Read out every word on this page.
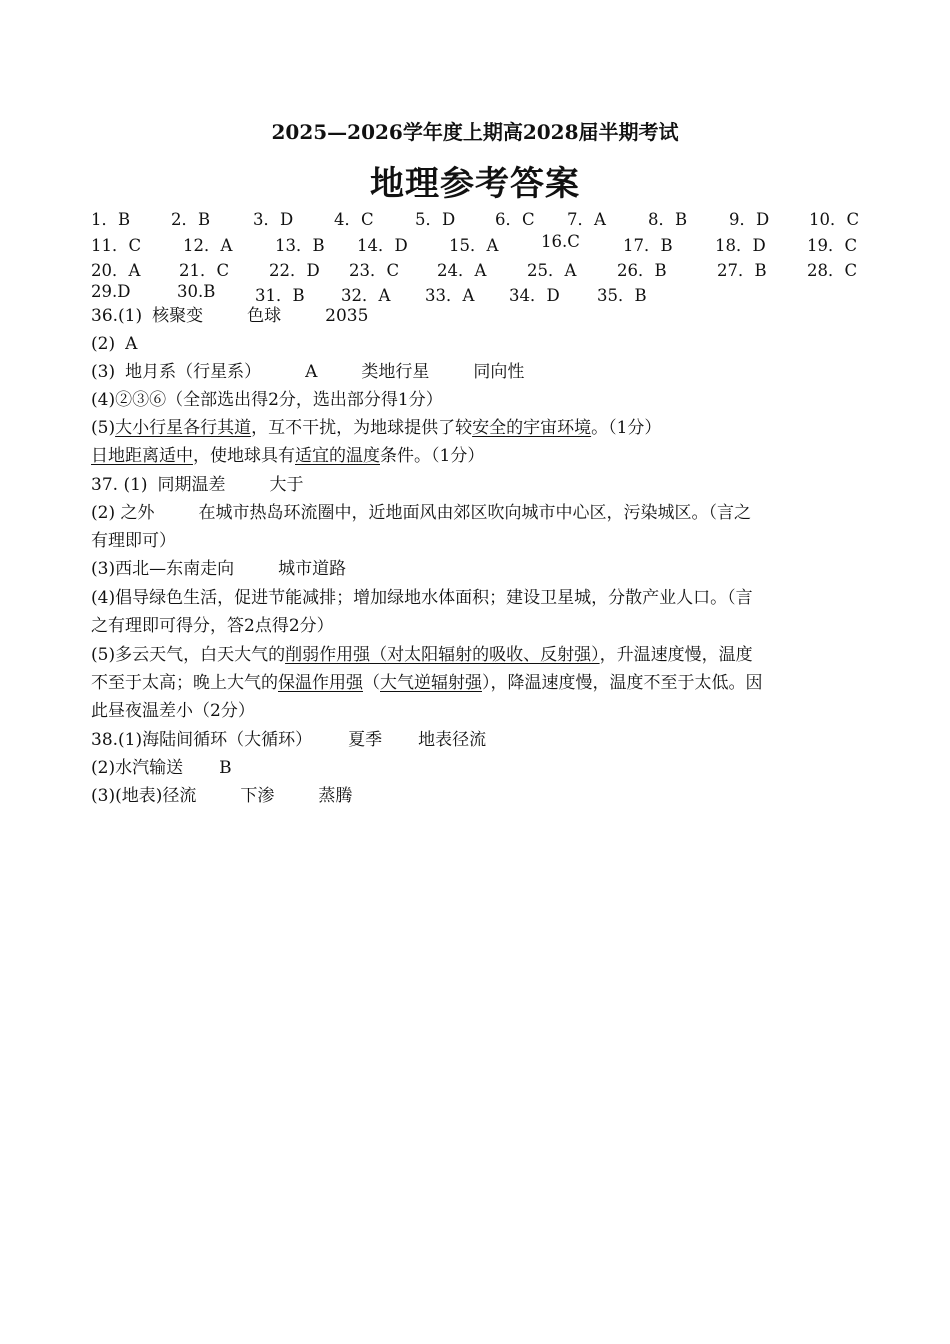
2025—2026学年度上期高2028届半期考试
地理参考答案
1．B 2．B	3．D 4．C	5．D 6．C 7．A	8．B	9．D 10．C
11．C	12．A	13．B 14．D	15．A	16.C	17．B	18．D	19．C
20．A 21．C 22．D 23．C 24．A 25．A 26．B	27．B 28．C
29.D	30.B 31．B 32．A 33．A 34．D 35．B
36.(1) 核聚变	色球	2035
(2) A
(3) 地月系（行星系）	A	类地行星	同向性
(4)②③⑥（全部选出得2分，选出部分得1分）
(5)大小行星各行其道，互不干扰，为地球提供了较安全的宇宙环境。（1分）
日地距离适中，使地球具有适宜的温度条件。（1分）
37. (1) 同期温差	大于
(2) 之外	在城市热岛环流圈中，近地面风由郊区吹向城市中心区，污染城区。（言之
有理即可）
(3)西北—东南走向	城市道路
(4)倡导绿色生活，促进节能减排；增加绿地水体面积；建设卫星城，分散产业人口。（言
之有理即可得分，答2点得2分）
(5)多云天气，白天大气的削弱作用强（对太阳辐射的吸收、反射强），升温速度慢，温度
不至于太高；晚上大气的保温作用强（大气逆辐射强），降温速度慢，温度不至于太低。因
此昼夜温差小（2分）
38.(1)海陆间循环（大循环） 夏季 地表径流
(2)水汽输送 B
(3)(地表)径流	下渗	蒸腾
